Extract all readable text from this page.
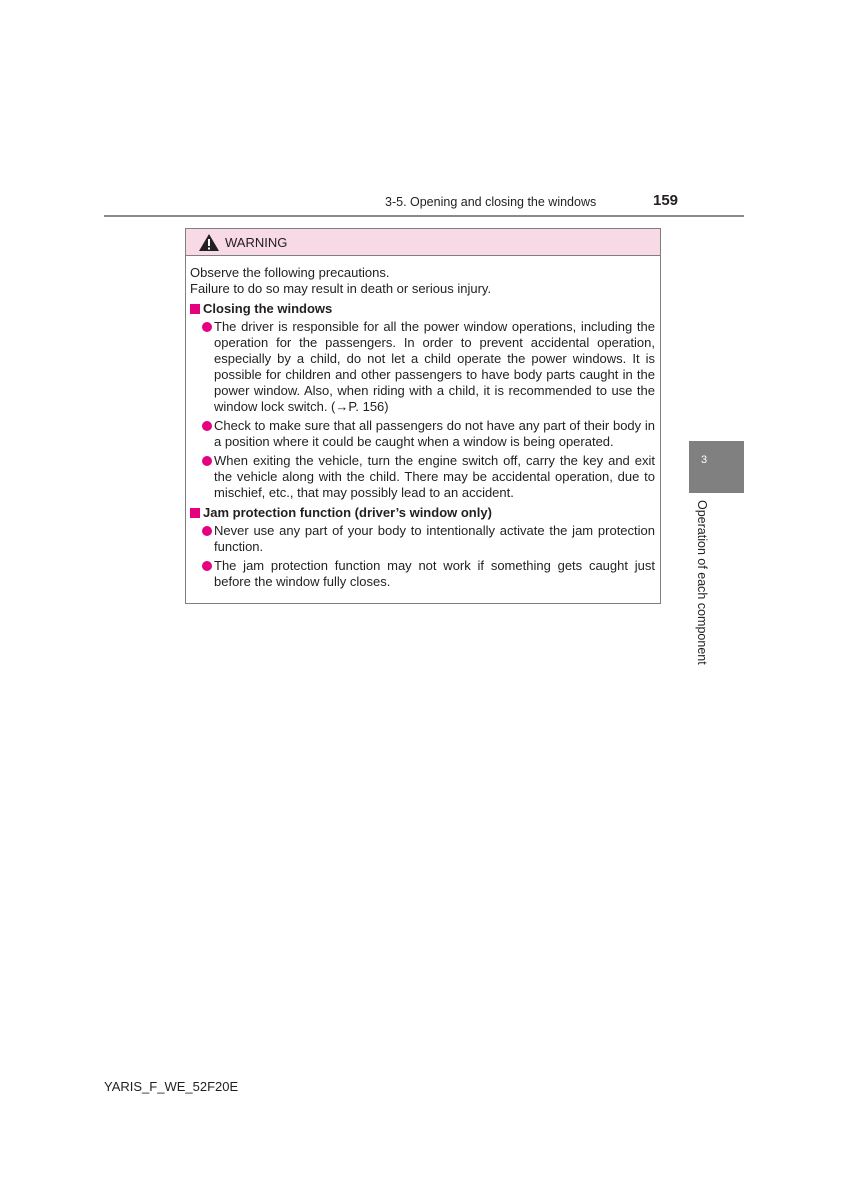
3-5. Opening and closing the windows	159
WARNING

Observe the following precautions.

Failure to do so may result in death or serious injury.

Closing the windows
The driver is responsible for all the power window operations, including the operation for the passengers. In order to prevent accidental operation, especially by a child, do not let a child operate the power windows. It is possible for children and other passengers to have body parts caught in the power window. Also, when riding with a child, it is recommended to use the window lock switch. (→P. 156)
Check to make sure that all passengers do not have any part of their body in a position where it could be caught when a window is being operated.
When exiting the vehicle, turn the engine switch off, carry the key and exit the vehicle along with the child. There may be accidental operation, due to mischief, etc., that may possibly lead to an accident.
Jam protection function (driver’s window only)
Never use any part of your body to intentionally activate the jam protection function.
The jam protection function may not work if something gets caught just before the window fully closes.
3
Operation of each component
YARIS_F_WE_52F20E
